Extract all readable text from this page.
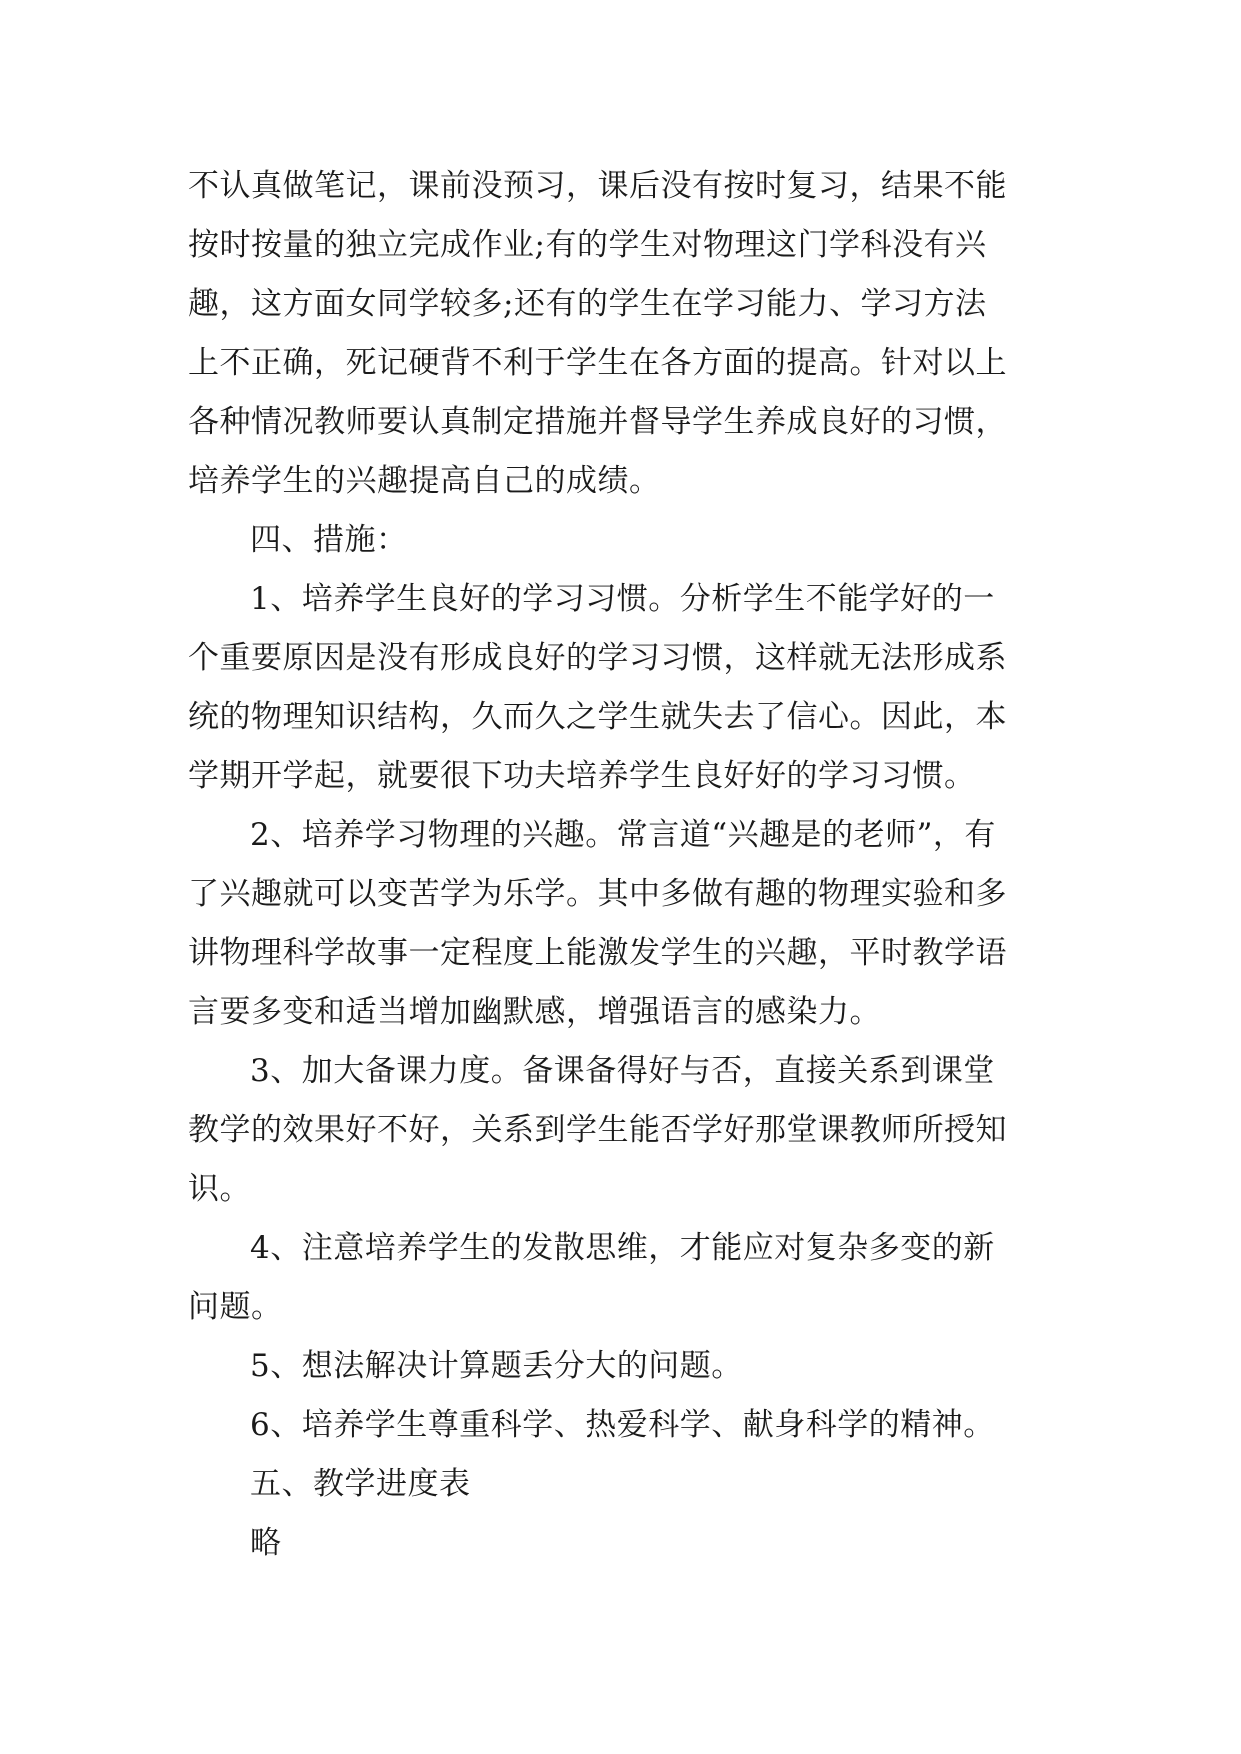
不认真做笔记，课前没预习，课后没有按时复习，结果不能
按时按量的独立完成作业;有的学生对物理这门学科没有兴
趣，这方面女同学较多;还有的学生在学习能力、学习方法
上不正确，死记硬背不利于学生在各方面的提高。针对以上
各种情况教师要认真制定措施并督导学生养成良好的习惯，
培养学生的兴趣提高自己的成绩。

四、措施：

1、培养学生良好的学习习惯。分析学生不能学好的一
个重要原因是没有形成良好的学习习惯，这样就无法形成系
统的物理知识结构，久而久之学生就失去了信心。因此，本
学期开学起，就要很下功夫培养学生良好好的学习习惯。

2、培养学习物理的兴趣。常言道“兴趣是的老师”，有
了兴趣就可以变苦学为乐学。其中多做有趣的物理实验和多
讲物理科学故事一定程度上能激发学生的兴趣，平时教学语
言要多变和适当增加幽默感，增强语言的感染力。

3、加大备课力度。备课备得好与否，直接关系到课堂
教学的效果好不好，关系到学生能否学好那堂课教师所授知
识。

4、注意培养学生的发散思维，才能应对复杂多变的新
问题。

5、想法解决计算题丢分大的问题。

6、培养学生尊重科学、热爱科学、献身科学的精神。

五、教学进度表

略
